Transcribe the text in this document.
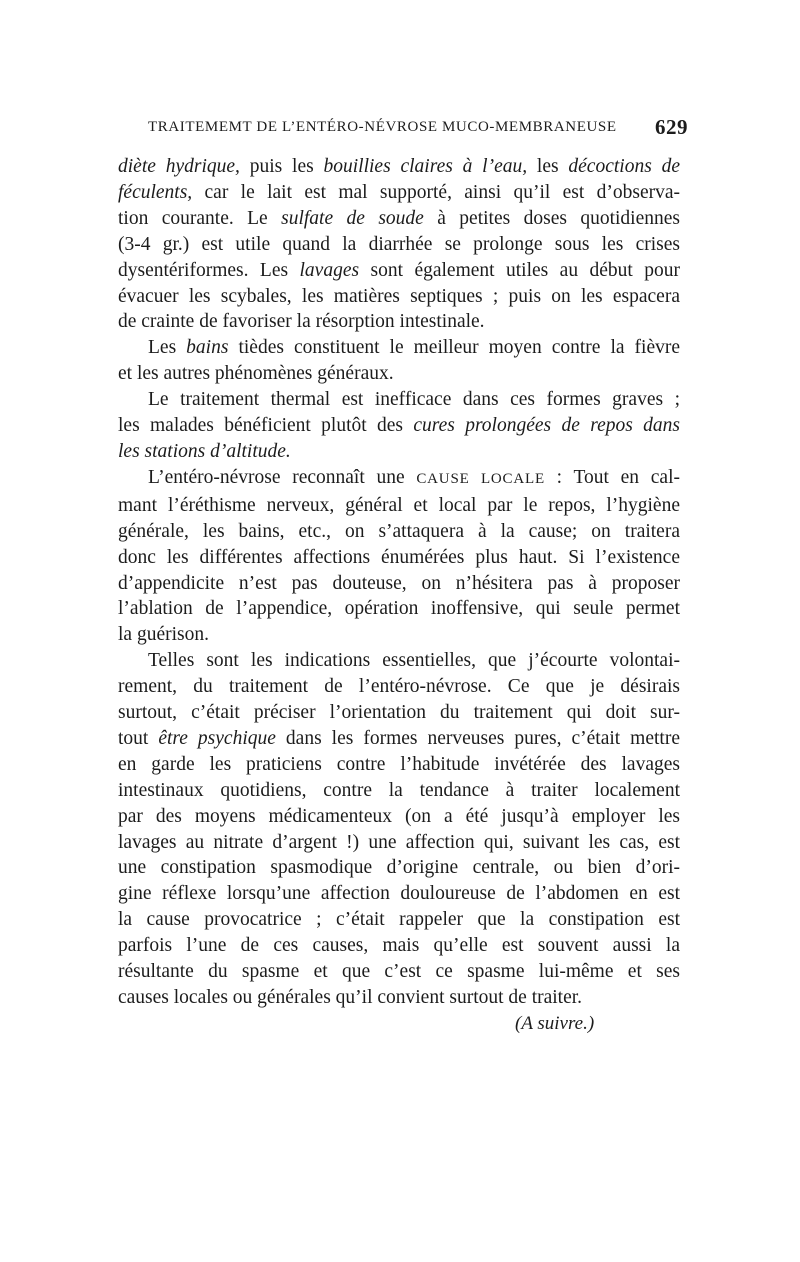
TRAITEMEMT DE L’ENTÉRO-NÉVROSE MUCO-MEMBRANEUSE 629
diète hydrique, puis les bouillies claires à l’eau, les décoctions de
féculents, car le lait est mal supporté, ainsi qu’il est d’observa-
tion courante. Le sulfate de soude à petites doses quotidiennes
(3-4 gr.) est utile quand la diarrhée se prolonge sous les crises
dysentériformes. Les lavages sont également utiles au début pour
évacuer les scybales, les matières septiques ; puis on les espacera
de crainte de favoriser la résorption intestinale.
Les bains tièdes constituent le meilleur moyen contre la fièvre
et les autres phénomènes généraux.
Le traitement thermal est inefficace dans ces formes graves ;
les malades bénéficient plutôt des cures prolongées de repos dans
les stations d’altitude.
L’entéro-névrose reconnaît une CAUSE LOCALE : Tout en cal-
mant l’éréthisme nerveux, général et local par le repos, l’hygiène
générale, les bains, etc., on s’attaquera à la cause; on traitera
donc les différentes affections énumérées plus haut. Si l’existence
d’appendicite n’est pas douteuse, on n’hésitera pas à proposer
l’ablation de l’appendice, opération inoffensive, qui seule permet
la guérison.
Telles sont les indications essentielles, que j’écourte volontai-
rement, du traitement de l’entéro-névrose. Ce que je désirais
surtout, c’était préciser l’orientation du traitement qui doit sur-
tout être psychique dans les formes nerveuses pures, c’était mettre
en garde les praticiens contre l’habitude invétérée des lavages
intestinaux quotidiens, contre la tendance à traiter localement
par des moyens médicamenteux (on a été jusqu’à employer les
lavages au nitrate d’argent !) une affection qui, suivant les cas, est
une constipation spasmodique d’origine centrale, ou bien d’ori-
gine réflexe lorsqu’une affection douloureuse de l’abdomen en est
la cause provocatrice ; c’était rappeler que la constipation est
parfois l’une de ces causes, mais qu’elle est souvent aussi la
résultante du spasme et que c’est ce spasme lui-même et ses
causes locales ou générales qu’il convient surtout de traiter.
(A suivre.)
